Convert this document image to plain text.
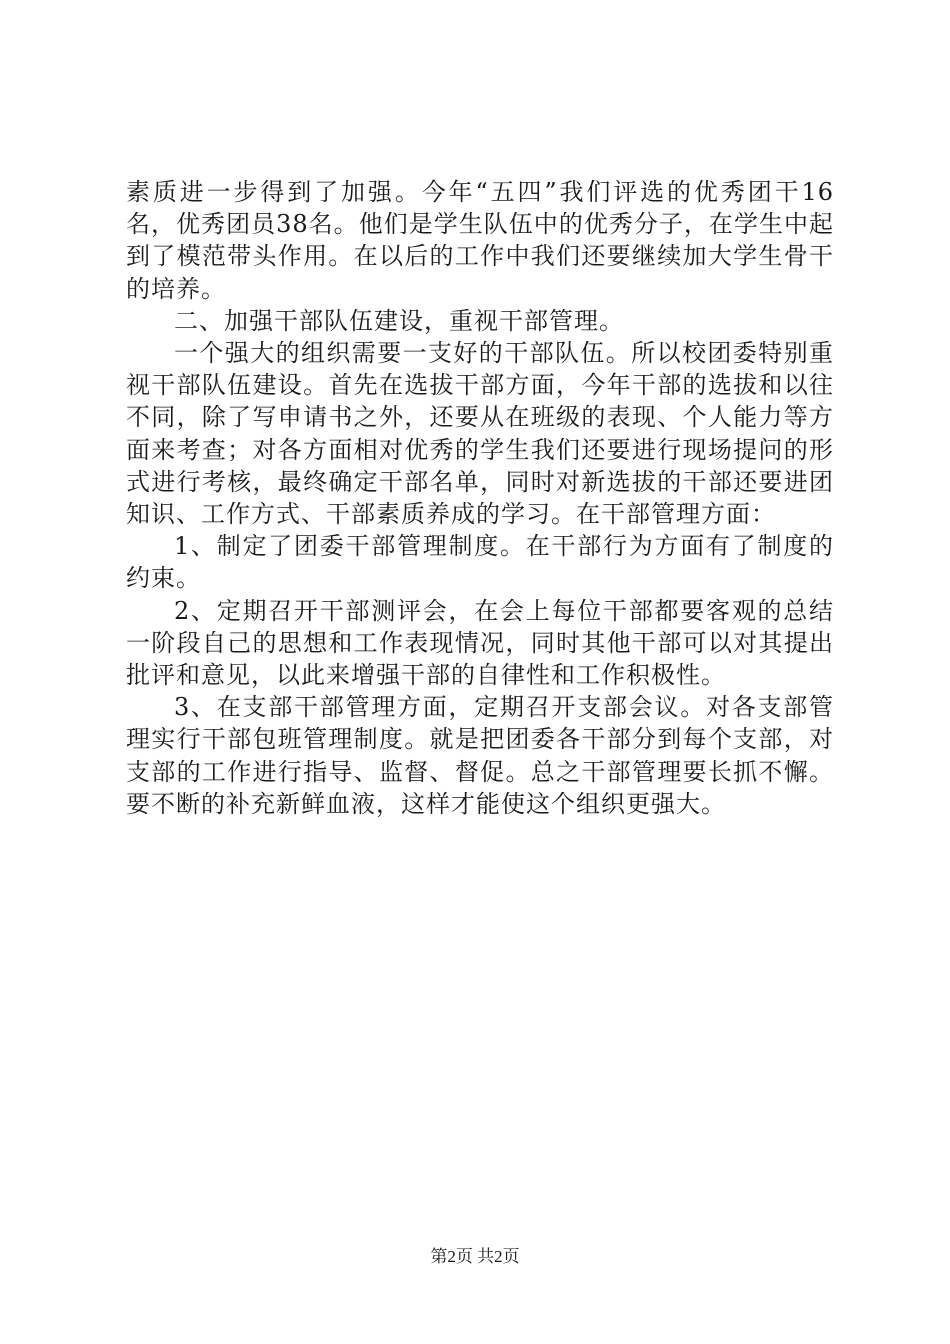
素质进一步得到了加强。今年“五四”我们评选的优秀团干16名，优秀团员38名。他们是学生队伍中的优秀分子，在学生中起到了模范带头作用。在以后的工作中我们还要继续加大学生骨干的培养。

二、加强干部队伍建设，重视干部管理。

一个强大的组织需要一支好的干部队伍。所以校团委特别重视干部队伍建设。首先在选拔干部方面，今年干部的选拔和以往不同，除了写申请书之外，还要从在班级的表现、个人能力等方面来考查；对各方面相对优秀的学生我们还要进行现场提问的形式进行考核，最终确定干部名单，同时对新选拔的干部还要进团知识、工作方式、干部素质养成的学习。在干部管理方面：

1、制定了团委干部管理制度。在干部行为方面有了制度的约束。

2、定期召开干部测评会，在会上每位干部都要客观的总结一阶段自己的思想和工作表现情况，同时其他干部可以对其提出批评和意见，以此来增强干部的自律性和工作积极性。

3、在支部干部管理方面，定期召开支部会议。对各支部管理实行干部包班管理制度。就是把团委各干部分到每个支部，对支部的工作进行指导、监督、督促。总之干部管理要长抓不懈。要不断的补充新鲜血液，这样才能使这个组织更强大。

第2页 共2页
